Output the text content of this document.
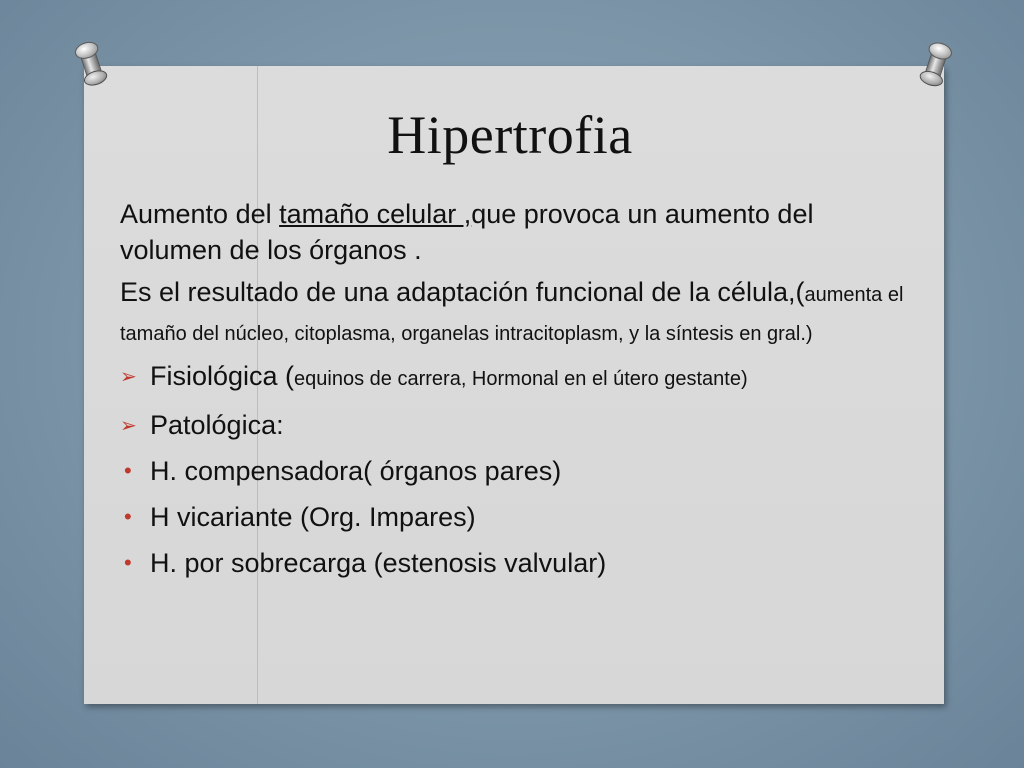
Hipertrofia

Aumento del tamaño celular ,que provoca un aumento del volumen de los órganos .

Es el resultado de una adaptación funcional de la célula,(aumenta el tamaño del núcleo, citoplasma, organelas intracitoplasm, y la síntesis en gral.)

➢ Fisiológica (equinos de carrera, Hormonal en el útero gestante)
➢ Patológica:
• H. compensadora( órganos pares)
• H vicariante (Org. Impares)
• H. por sobrecarga (estenosis valvular)
